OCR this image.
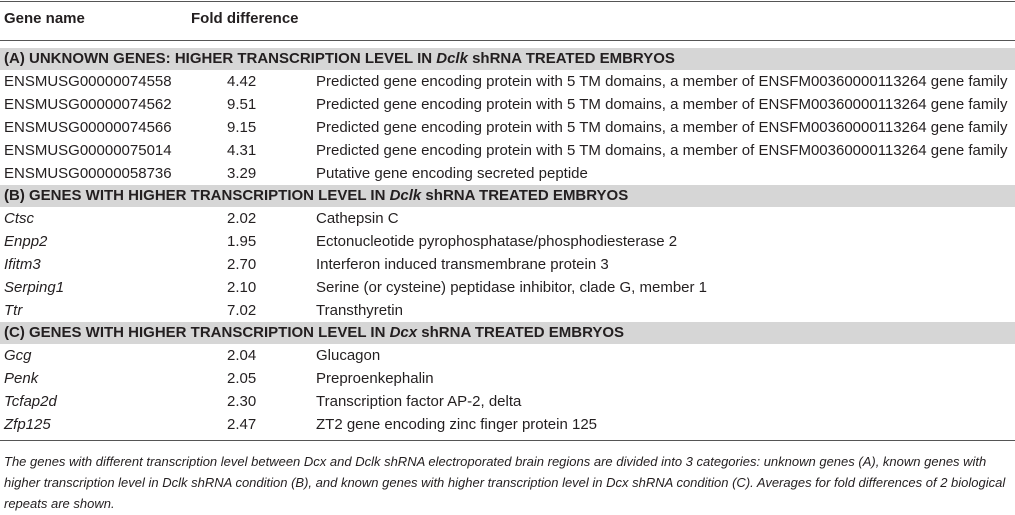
Gene name	Fold difference
(A) UNKNOWN GENES: HIGHER TRANSCRIPTION LEVEL IN Dclk shRNA TREATED EMBRYOS
ENSMUSG00000074558	4.42	Predicted gene encoding protein with 5 TM domains, a member of ENSFM00360000113264 gene family
ENSMUSG00000074562	9.51	Predicted gene encoding protein with 5 TM domains, a member of ENSFM00360000113264 gene family
ENSMUSG00000074566	9.15	Predicted gene encoding protein with 5 TM domains, a member of ENSFM00360000113264 gene family
ENSMUSG00000075014	4.31	Predicted gene encoding protein with 5 TM domains, a member of ENSFM00360000113264 gene family
ENSMUSG00000058736	3.29	Putative gene encoding secreted peptide
(B) GENES WITH HIGHER TRANSCRIPTION LEVEL IN Dclk shRNA TREATED EMBRYOS
Ctsc	2.02	Cathepsin C
Enpp2	1.95	Ectonucleotide pyrophosphatase/phosphodiesterase 2
Ifitm3	2.70	Interferon induced transmembrane protein 3
Serping1	2.10	Serine (or cysteine) peptidase inhibitor, clade G, member 1
Ttr	7.02	Transthyretin
(C) GENES WITH HIGHER TRANSCRIPTION LEVEL IN Dcx shRNA TREATED EMBRYOS
Gcg	2.04	Glucagon
Penk	2.05	Preproenkephalin
Tcfap2d	2.30	Transcription factor AP-2, delta
Zfp125	2.47	ZT2 gene encoding zinc finger protein 125
The genes with different transcription level between Dcx and Dclk shRNA electroporated brain regions are divided into 3 categories: unknown genes (A), known genes with higher transcription level in Dclk shRNA condition (B), and known genes with higher transcription level in Dcx shRNA condition (C). Averages for fold differences of 2 biological repeats are shown.
